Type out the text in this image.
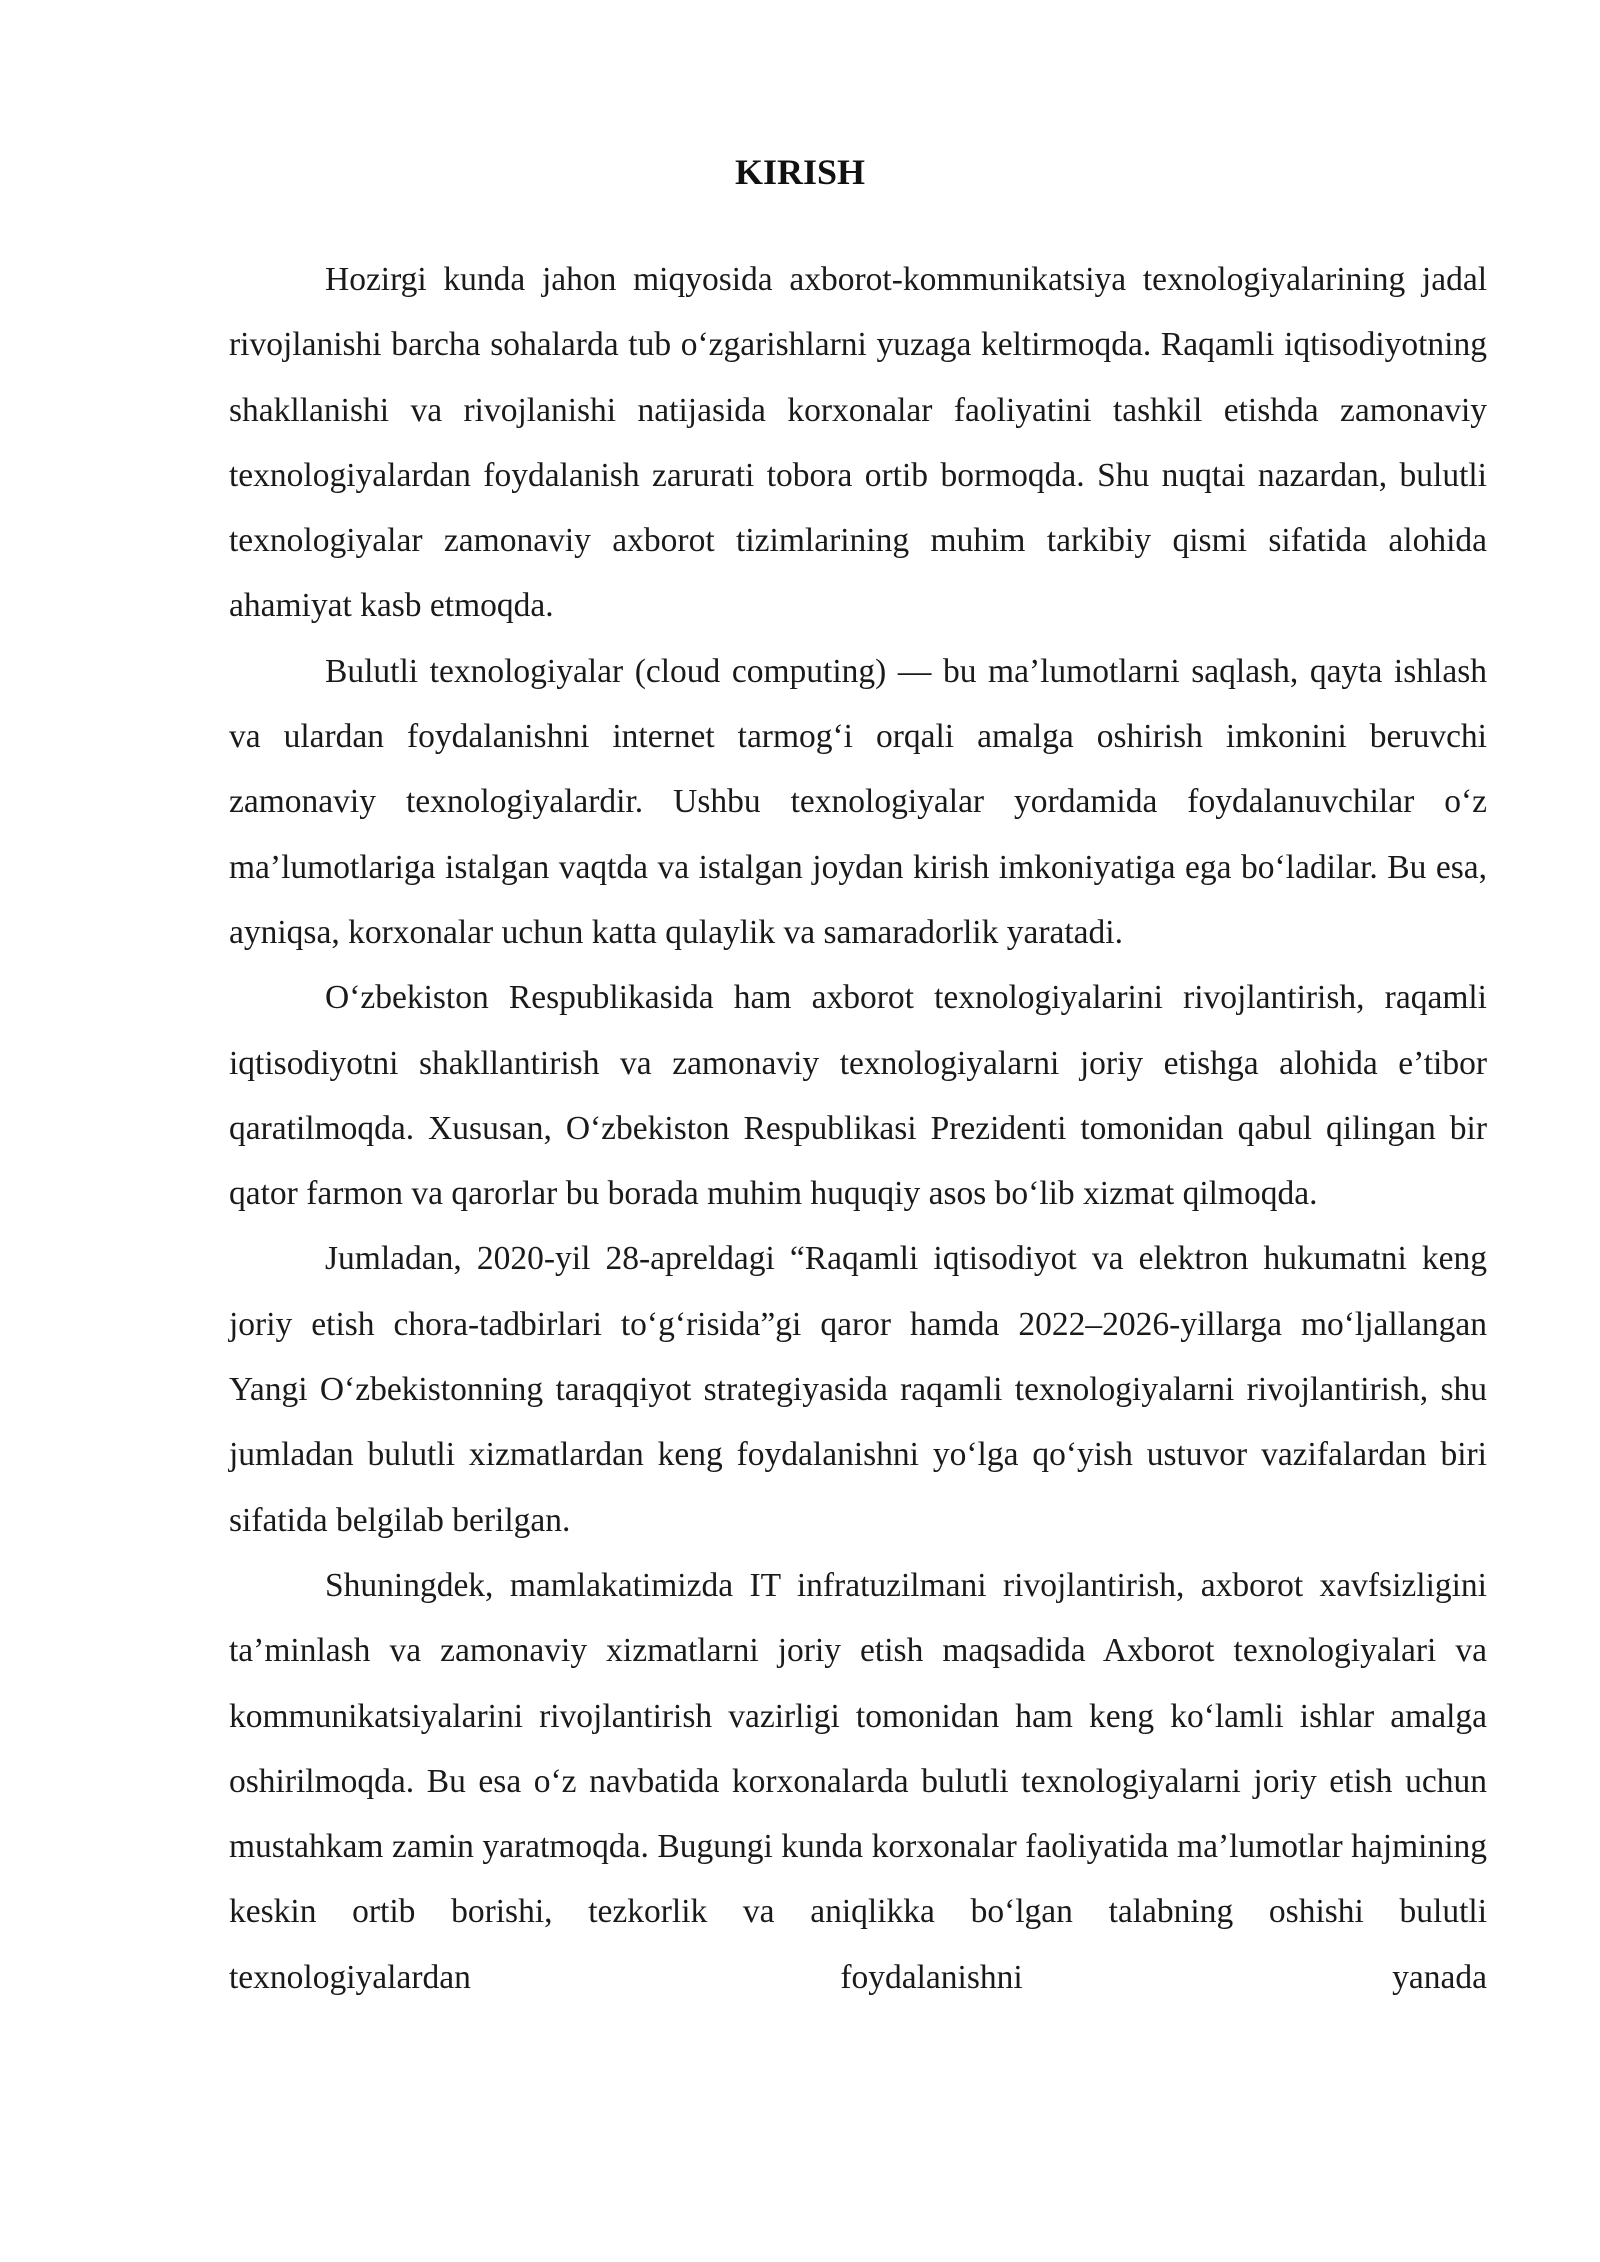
KIRISH

Hozirgi kunda jahon miqyosida axborot-kommunikatsiya texnologiyalarining jadal rivojlanishi barcha sohalarda tub o‘zgarishlarni yuzaga keltirmoqda. Raqamli iqtisodiyotning shakllanishi va rivojlanishi natijasida korxonalar faoliyatini tashkil etishda zamonaviy texnologiyalardan foydalanish zarurati tobora ortib bormoqda. Shu nuqtai nazardan, bulutli texnologiyalar zamonaviy axborot tizimlarining muhim tarkibiy qismi sifatida alohida ahamiyat kasb etmoqda.

Bulutli texnologiyalar (cloud computing) — bu ma’lumotlarni saqlash, qayta ishlash va ulardan foydalanishni internet tarmog‘i orqali amalga oshirish imkonini beruvchi zamonaviy texnologiyalardir. Ushbu texnologiyalar yordamida foydalanuvchilar o‘z ma’lumotlariga istalgan vaqtda va istalgan joydan kirish imkoniyatiga ega bo‘ladilar. Bu esa, ayniqsa, korxonalar uchun katta qulaylik va samaradorlik yaratadi.

O‘zbekiston Respublikasida ham axborot texnologiyalarini rivojlantirish, raqamli iqtisodiyotni shakllantirish va zamonaviy texnologiyalarni joriy etishga alohida e’tibor qaratilmoqda. Xususan, O‘zbekiston Respublikasi Prezidenti tomonidan qabul qilingan bir qator farmon va qarorlar bu borada muhim huquqiy asos bo‘lib xizmat qilmoqda.

Jumladan, 2020-yil 28-apreldagi “Raqamli iqtisodiyot va elektron hukumatni keng joriy etish chora-tadbirlari to‘g‘risida”gi qaror hamda 2022–2026-yillarga mo‘ljallangan Yangi O‘zbekistonning taraqqiyot strategiyasida raqamli texnologiyalarni rivojlantirish, shu jumladan bulutli xizmatlardan keng foydalanishni yo‘lga qo‘yish ustuvor vazifalardan biri sifatida belgilab berilgan.

Shuningdek, mamlakatimizda IT infratuzilmani rivojlantirish, axborot xavfsizligini ta’minlash va zamonaviy xizmatlarni joriy etish maqsadida Axborot texnologiyalari va kommunikatsiyalarini rivojlantirish vazirligi tomonidan ham keng ko‘lamli ishlar amalga oshirilmoqda. Bu esa o‘z navbatida korxonalarda bulutli texnologiyalarni joriy etish uchun mustahkam zamin yaratmoqda. Bugungi kunda korxonalar faoliyatida ma’lumotlar hajmining keskin ortib borishi, tezkorlik va aniqlikka bo‘lgan talabning oshishi bulutli texnologiyalardan foydalanishni yanada
